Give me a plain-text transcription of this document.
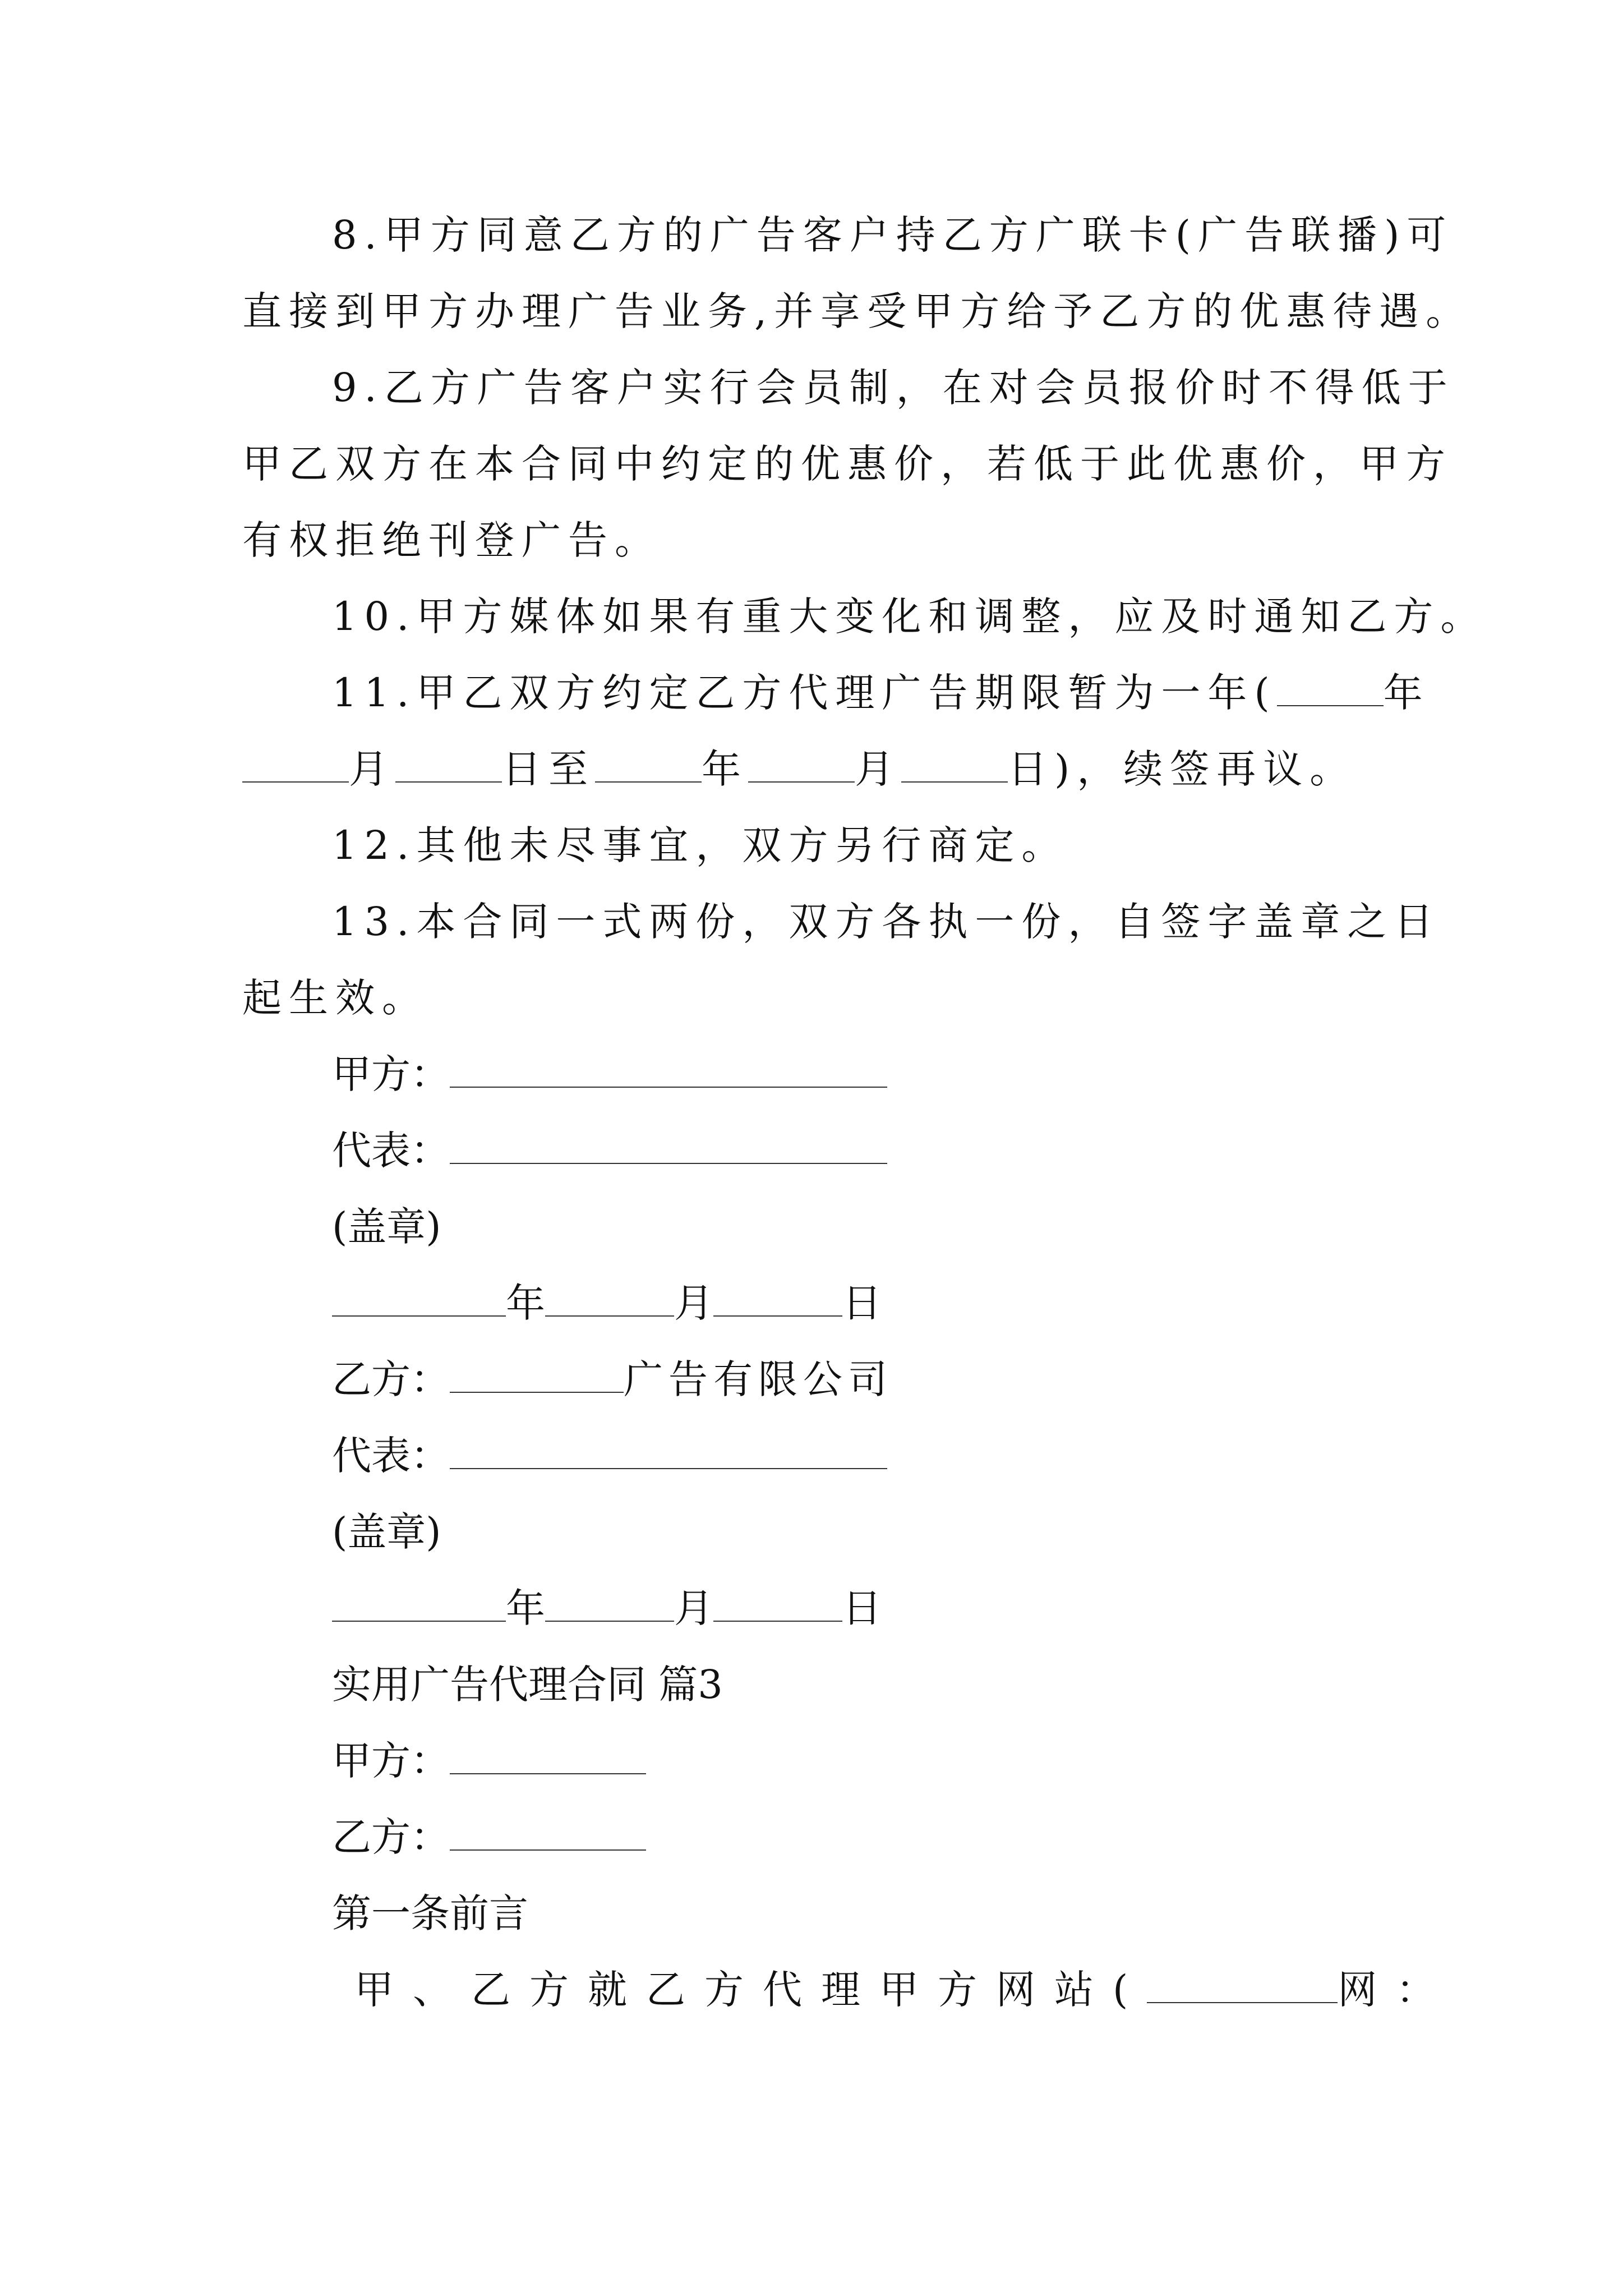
8.甲方同意乙方的广告客户持乙方广联卡(广告联播)可
直接到甲方办理广告业务,并享受甲方给予乙方的优惠待遇。
9.乙方广告客户实行会员制，在对会员报价时不得低于
甲乙双方在本合同中约定的优惠价，若低于此优惠价，甲方
有权拒绝刊登广告。
10.甲方媒体如果有重大变化和调整，应及时通知乙方。
11.甲乙双方约定乙方代理广告期限暂为一年(	年
月	日至	年	月	日)，续签再议。
12.其他未尽事宜，双方另行商定。
13.本合同一式两份，双方各执一份，自签字盖章之日
起生效。
甲方：
代表：
(盖章)
年	月	日
乙方：	广告有限公司
代表：
(盖章)
年	月	日
实用广告代理合同 篇3
甲方：
乙方：
第一条前言
甲、乙方就乙方代理甲方网站(	网：
